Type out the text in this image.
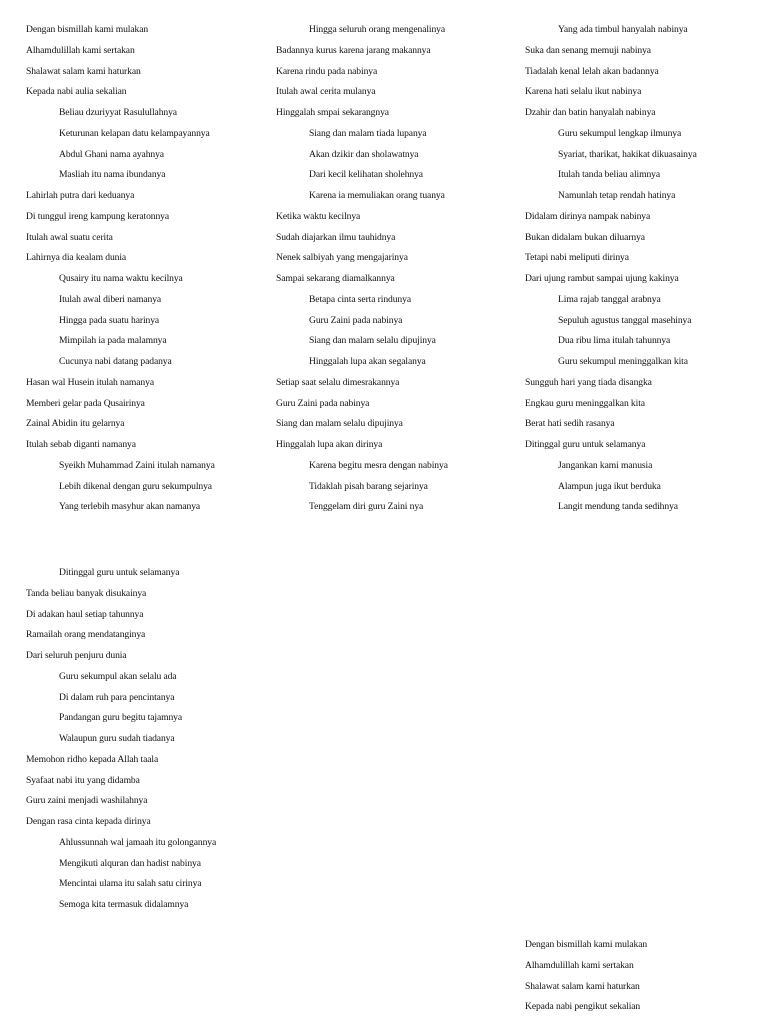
Dengan bismillah kami mulakan
Alhamdulillah kami sertakan
Shalawat salam kami haturkan
Kepada nabi aulia sekalian
Beliau dzuriyyat Rasulullahnya
Keturunan kelapan datu kelampayannya
Abdul Ghani nama ayahnya
Masliah itu nama ibundanya
Lahirlah putra dari keduanya
Di tunggul ireng kampung keratonnya
Itulah awal suatu cerita
Lahirnya dia kealam dunia
Qusairy itu nama waktu kecilnya
Itulah awal diberi namanya
Hingga pada suatu harinya
Mimpilah ia pada malamnya
Cucunya nabi datang padanya
Hasan wal Husein itulah namanya
Memberi gelar pada Qusairinya
Zainal Abidin itu gelarnya
Itulah sebab diganti namanya
Syeikh Muhammad Zaini itulah namanya
Lebih dikenal dengan guru sekumpulnya
Yang terlebih masyhur akan namanya
Hingga seluruh orang mengenalinya
Badannya kurus karena jarang makannya
Karena rindu pada nabinya
Itulah awal cerita mulanya
Hinggalah smpai sekarangnya
Siang dan malam tiada lupanya
Akan dzikir dan sholawatnya
Dari kecil kelihatan sholehnya
Karena ia memuliakan orang tuanya
Ketika waktu kecilnya
Sudah diajarkan ilmu tauhidnya
Nenek salbiyah yang mengajarinya
Sampai sekarang diamalkannya
Betapa cinta serta rindunya
Guru Zaini pada nabinya
Siang dan malam selalu dipujinya
Hinggalah lupa akan segalanya
Setiap saat selalu dimesrakannya
Guru Zaini pada nabinya
Siang dan malam selalu dipujinya
Hinggalah lupa akan dirinya
Karena begitu mesra dengan nabinya
Tidaklah pisah barang sejarinya
Tenggelam diri guru Zaini nya
Yang ada timbul hanyalah nabinya
Suka dan senang memuji nabinya
Tiadalah kenal lelah akan badannya
Karena hati selalu ikut nabinya
Dzahir dan batin hanyalah nabinya
Guru sekumpul lengkap ilmunya
Syariat, tharikat, hakikat dikuasainya
Itulah tanda beliau alimnya
Namunlah tetap rendah hatinya
Didalam dirinya nampak nabinya
Bukan didalam bukan diluarnya
Tetapi nabi meliputi dirinya
Dari ujung rambut sampai ujung kakinya
Lima rajab tanggal arabnya
Sepuluh agustus tanggal masehinya
Dua ribu lima itulah tahunnya
Guru sekumpul meninggalkan kita
Sungguh hari yang tiada disangka
Engkau guru meninggalkan kita
Berat hati sedih rasanya
Ditinggal guru untuk selamanya
Jangankan kami manusia
Alampun juga ikut berduka
Langit mendung tanda sedihnya
Ditinggal guru untuk selamanya
Tanda beliau banyak disukainya
Di adakan haul setiap tahunnya
Ramailah orang mendatanginya
Dari seluruh penjuru dunia
Guru sekumpul akan selalu ada
Di dalam ruh para pencintanya
Pandangan guru begitu tajamnya
Walaupun guru sudah tiadanya
Memohon ridho kepada Allah taala
Syafaat nabi itu yang didamba
Guru zaini menjadi washilahnya
Dengan rasa cinta kepada dirinya
Ahlussunnah wal jamaah itu golongannya
Mengikuti alquran dan hadist nabinya
Mencintai ulama itu salah satu cirinya
Semoga kita termasuk didalamnya
Dengan bismillah kami mulakan
Alhamdulillah kami sertakan
Shalawat salam kami haturkan
Kepada nabi pengikut sekalian
